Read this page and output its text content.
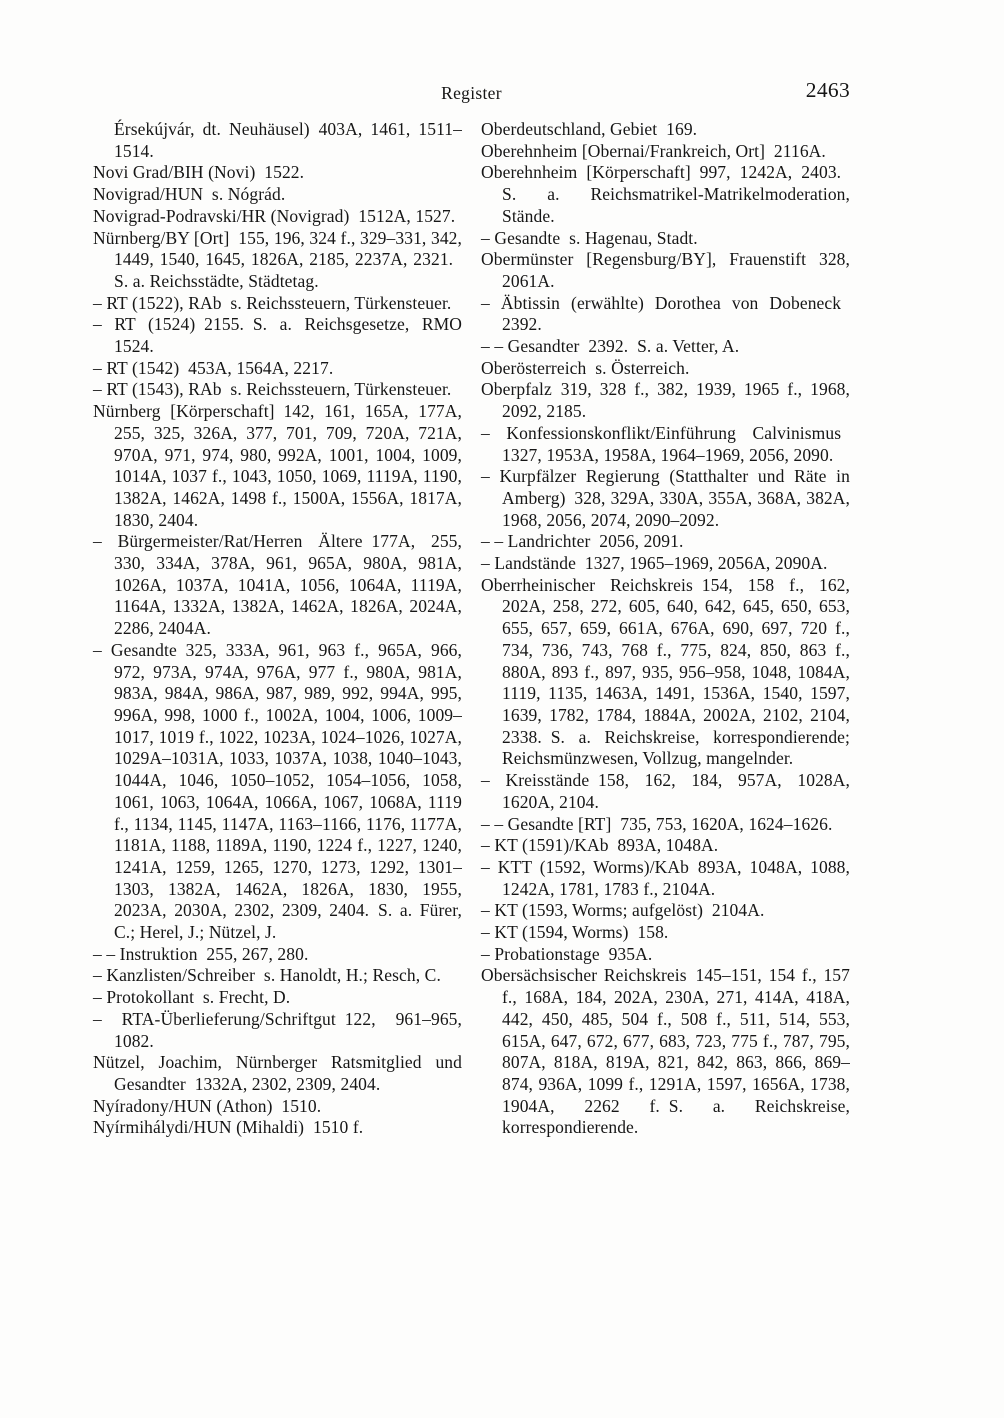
Register	2463
Érsekújvár, dt. Neuhäusel) 403A, 1461, 1511–1514.
Novi Grad/BIH (Novi) 1522.
Novigrad/HUN s. Nógrád.
Novigrad-Podravski/HR (Novigrad) 1512A, 1527.
Nürnberg/BY [Ort] 155, 196, 324 f., 329–331, 342, 1449, 1540, 1645, 1826A, 2185, 2237A, 2321. S. a. Reichsstädte, Städtetag.
– RT (1522), RAb s. Reichssteuern, Türkensteuer.
– RT (1524) 2155. S. a. Reichsgesetze, RMO 1524.
– RT (1542) 453A, 1564A, 2217.
– RT (1543), RAb s. Reichssteuern, Türkensteuer.
Nürnberg [Körperschaft] 142, 161, 165A, 177A, 255, 325, 326A, 377, 701, 709, 720A, 721A, 970A, 971, 974, 980, 992A, 1001, 1004, 1009, 1014A, 1037 f., 1043, 1050, 1069, 1119A, 1190, 1382A, 1462A, 1498 f., 1500A, 1556A, 1817A, 1830, 2404.
– Bürgermeister/Rat/Herren Ältere 177A, 255, 330, 334A, 378A, 961, 965A, 980A, 981A, 1026A, 1037A, 1041A, 1056, 1064A, 1119A, 1164A, 1332A, 1382A, 1462A, 1826A, 2024A, 2286, 2404A.
– Gesandte 325, 333A, 961, 963 f., 965A, 966, 972, 973A, 974A, 976A, 977 f., 980A, 981A, 983A, 984A, 986A, 987, 989, 992, 994A, 995, 996A, 998, 1000 f., 1002A, 1004, 1006, 1009–1017, 1019 f., 1022, 1023A, 1024–1026, 1027A, 1029A–1031A, 1033, 1037A, 1038, 1040–1043, 1044A, 1046, 1050–1052, 1054–1056, 1058, 1061, 1063, 1064A, 1066A, 1067, 1068A, 1119 f., 1134, 1145, 1147A, 1163–1166, 1176, 1177A, 1181A, 1188, 1189A, 1190, 1224 f., 1227, 1240, 1241A, 1259, 1265, 1270, 1273, 1292, 1301–1303, 1382A, 1462A, 1826A, 1830, 1955, 2023A, 2030A, 2302, 2309, 2404. S. a. Fürer, C.; Herel, J.; Nützel, J.
– – Instruktion 255, 267, 280.
– Kanzlisten/Schreiber s. Hanoldt, H.; Resch, C.
– Protokollant s. Frecht, D.
– RTA-Überlieferung/Schriftgut 122, 961–965, 1082.
Nützel, Joachim, Nürnberger Ratsmitglied und Gesandter 1332A, 2302, 2309, 2404.
Nyíradony/HUN (Athon) 1510.
Nyírmihálydi/HUN (Mihaldi) 1510 f.
Oberdeutschland, Gebiet 169.
Oberehnheim [Obernai/Frankreich, Ort] 2116A.
Oberehnheim [Körperschaft] 997, 1242A, 2403. S. a. Reichsmatrikel-Matrikelmoderation, Stände.
– Gesandte s. Hagenau, Stadt.
Obermünster [Regensburg/BY], Frauenstift 328, 2061A.
– Äbtissin (erwählte) Dorothea von Dobeneck 2392.
– – Gesandter 2392. S. a. Vetter, A.
Oberösterreich s. Österreich.
Oberpfalz 319, 328 f., 382, 1939, 1965 f., 1968, 2092, 2185.
– Konfessionskonflikt/Einführung Calvinismus 1327, 1953A, 1958A, 1964–1969, 2056, 2090.
– Kurpfälzer Regierung (Statthalter und Räte in Amberg) 328, 329A, 330A, 355A, 368A, 382A, 1968, 2056, 2074, 2090–2092.
– – Landrichter 2056, 2091.
– Landstände 1327, 1965–1969, 2056A, 2090A.
Oberrheinischer Reichskreis 154, 158 f., 162, 202A, 258, 272, 605, 640, 642, 645, 650, 653, 655, 657, 659, 661A, 676A, 690, 697, 720 f., 734, 736, 743, 768 f., 775, 824, 850, 863 f., 880A, 893 f., 897, 935, 956–958, 1048, 1084A, 1119, 1135, 1463A, 1491, 1536A, 1540, 1597, 1639, 1782, 1784, 1884A, 2002A, 2102, 2104, 2338. S. a. Reichskreise, korrespondierende; Reichsmünzwesen, Vollzug, mangelnder.
– Kreisstände 158, 162, 184, 957A, 1028A, 1620A, 2104.
– – Gesandte [RT] 735, 753, 1620A, 1624–1626.
– KT (1591)/KAb 893A, 1048A.
– KTT (1592, Worms)/KAb 893A, 1048A, 1088, 1242A, 1781, 1783 f., 2104A.
– KT (1593, Worms; aufgelöst) 2104A.
– KT (1594, Worms) 158.
– Probationstage 935A.
Obersächsischer Reichskreis 145–151, 154 f., 157 f., 168A, 184, 202A, 230A, 271, 414A, 418A, 442, 450, 485, 504 f., 508 f., 511, 514, 553, 615A, 647, 672, 677, 683, 723, 775 f., 787, 795, 807A, 818A, 819A, 821, 842, 863, 866, 869–874, 936A, 1099 f., 1291A, 1597, 1656A, 1738, 1904A, 2262 f. S. a. Reichskreise, korrespondierende.
